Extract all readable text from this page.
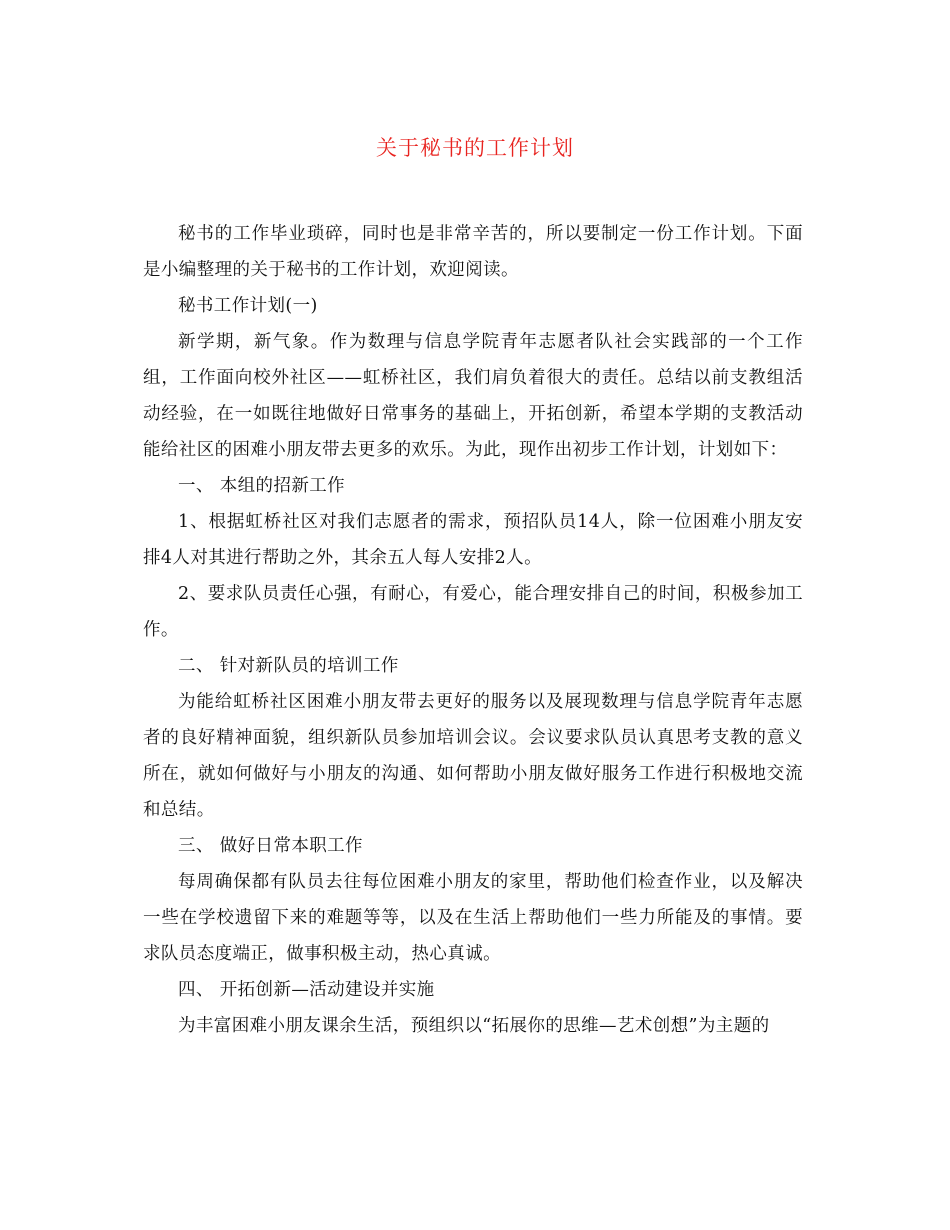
关于秘书的工作计划

秘书的工作毕业琐碎，同时也是非常辛苦的，所以要制定一份工作计划。下面是小编整理的关于秘书的工作计划，欢迎阅读。

秘书工作计划(一)

新学期，新气象。作为数理与信息学院青年志愿者队社会实践部的一个工作组，工作面向校外社区——虹桥社区，我们肩负着很大的责任。总结以前支教组活动经验，在一如既往地做好日常事务的基础上，开拓创新，希望本学期的支教活动能给社区的困难小朋友带去更多的欢乐。为此，现作出初步工作计划，计划如下：

一、 本组的招新工作

1、根据虹桥社区对我们志愿者的需求，预招队员14人，除一位困难小朋友安排4人对其进行帮助之外，其余五人每人安排2人。

2、要求队员责任心强，有耐心，有爱心，能合理安排自己的时间，积极参加工作。

二、 针对新队员的培训工作

为能给虹桥社区困难小朋友带去更好的服务以及展现数理与信息学院青年志愿者的良好精神面貌，组织新队员参加培训会议。会议要求队员认真思考支教的意义所在，就如何做好与小朋友的沟通、如何帮助小朋友做好服务工作进行积极地交流和总结。

三、 做好日常本职工作

每周确保都有队员去往每位困难小朋友的家里，帮助他们检查作业，以及解决一些在学校遗留下来的难题等等，以及在生活上帮助他们一些力所能及的事情。要求队员态度端正，做事积极主动，热心真诚。

四、 开拓创新—活动建设并实施

为丰富困难小朋友课余生活，预组织以“拓展你的思维—艺术创想”为主题的
